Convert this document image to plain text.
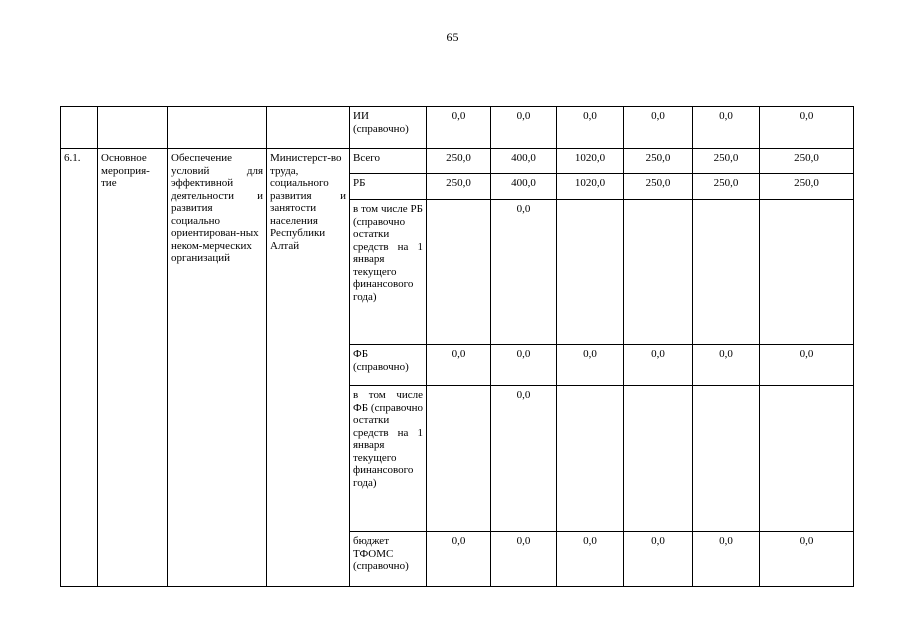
65
				ИИ (справочно)	0,0	0,0	0,0	0,0	0,0	0,0
6.1.	Основное мероприя-тие	Обеспечение условий для эффективной деятельности и развития социально ориентирован-ных неком-мерческих организаций	Министерст-во труда, социального развития и занятости населения Республики Алтай	Всего	250,0	400,0	1020,0	250,0	250,0	250,0
				РБ	250,0	400,0	1020,0	250,0	250,0	250,0
				в том числе РБ (справочно остатки средств на 1 января текущего финансового года)		0,0				
				ФБ (справочно)	0,0	0,0	0,0	0,0	0,0	0,0
				в том числе ФБ (справочно остатки средств на 1 января текущего финансового года)		0,0				
				бюджет ТФОМС (справочно)	0,0	0,0	0,0	0,0	0,0	0,0
